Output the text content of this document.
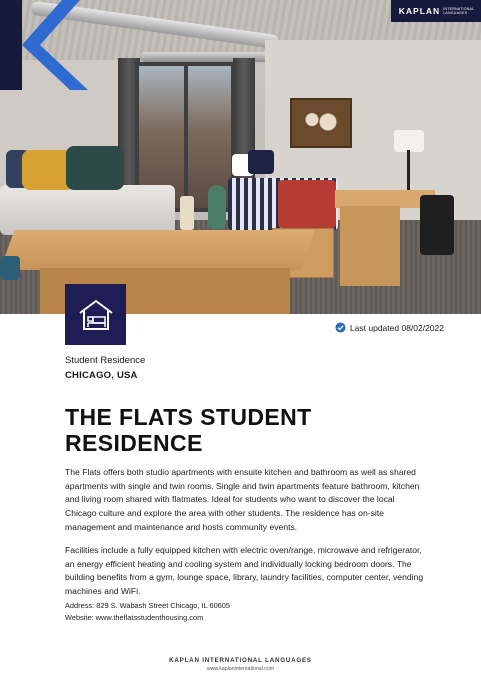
KAPLAN INTERNATIONAL LANGUAGES
Last updated 08/02/2022
Student Residence
CHICAGO, USA
THE FLATS STUDENT RESIDENCE

The Flats offers both studio apartments with ensuite kitchen and bathroom as well as shared apartments with single and twin rooms. Single and twin apartments feature bathroom, kitchen and living room shared with flatmates. Ideal for students who want to discover the local Chicago culture and explore the area with other students. The residence has on-site management and maintenance and hosts community events.

Facilities include a fully equipped kitchen with electric oven/range, microwave and refrigerator, an energy efficient heating and cooling system and individually locking bedroom doors. The building benefits from a gym, lounge space, library, laundry facilities, computer center, vending machines and WiFi.

Address: 829 S. Wabash Street Chicago, IL 60605
Website: www.theflatsstudenthousing.com
KAPLAN INTERNATIONAL LANGUAGES
www.kaplaninternational.com
